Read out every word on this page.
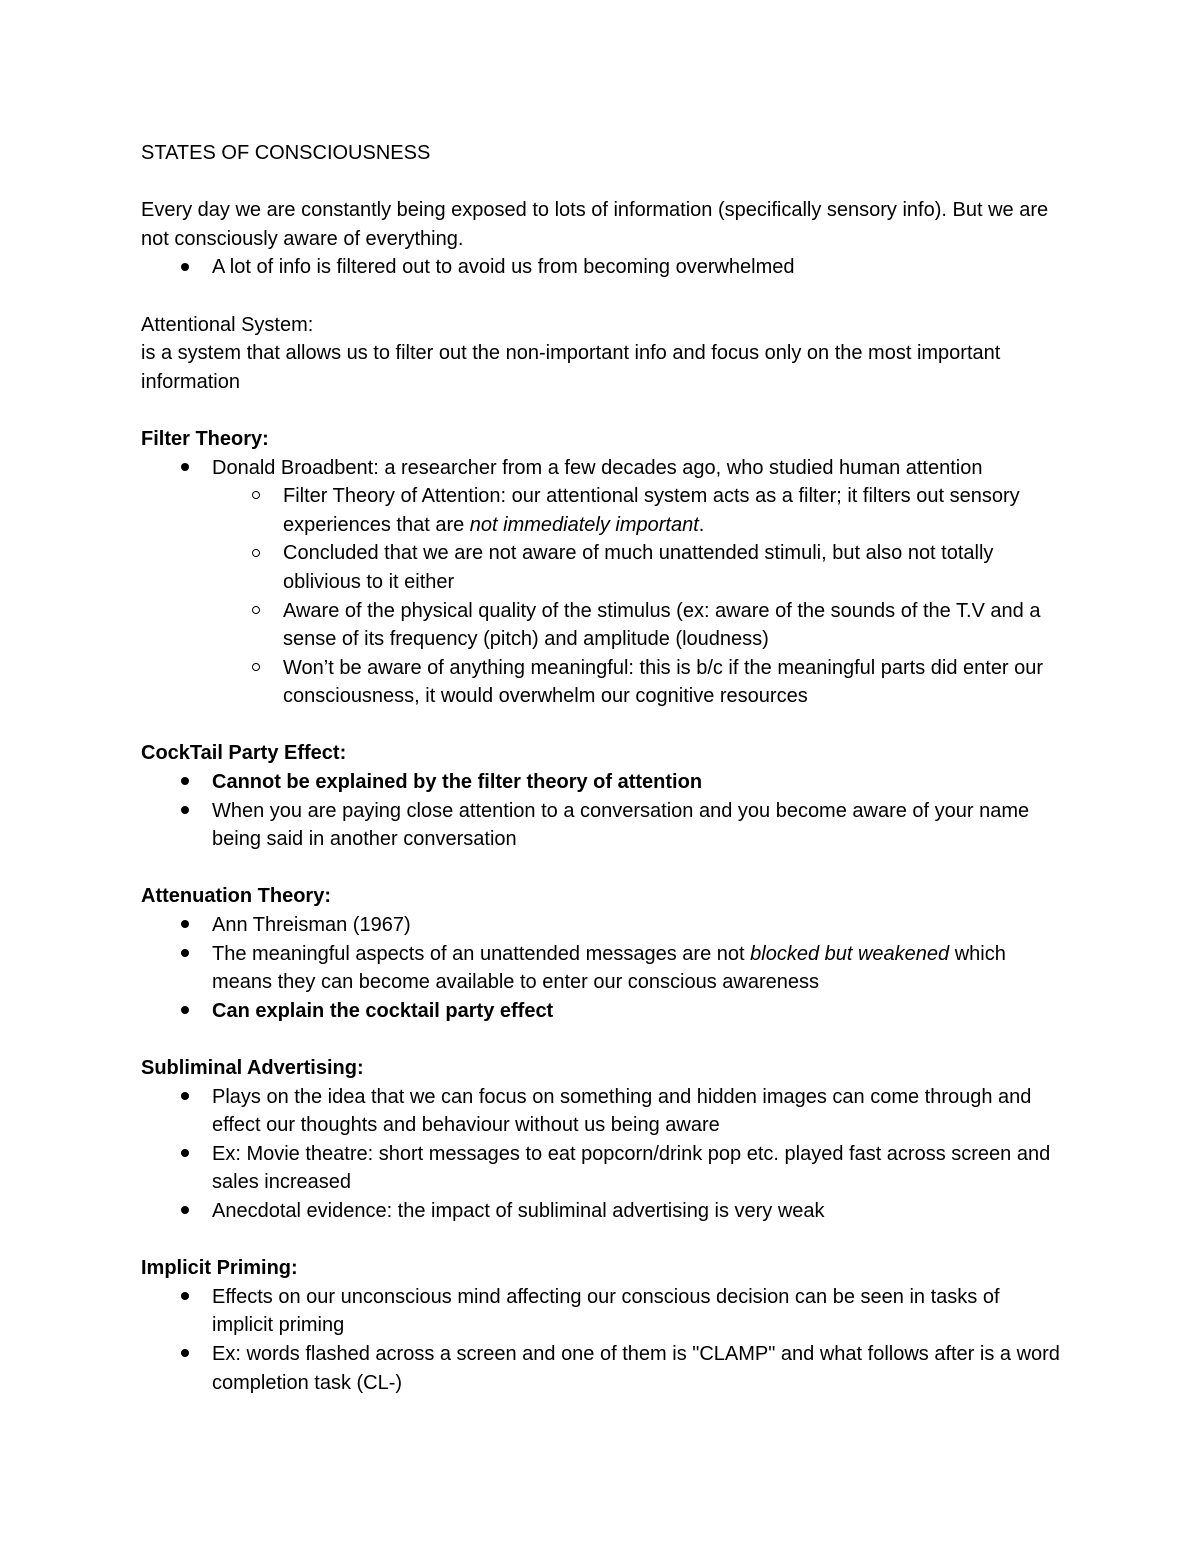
STATES OF CONSCIOUSNESS

Every day we are constantly being exposed to lots of information (specifically sensory info). But we are not consciously aware of everything.

A lot of info is filtered out to avoid us from becoming overwhelmed

Attentional System:

is a system that allows us to filter out the non-important info and focus only on the most important information

Filter Theory:

Donald Broadbent: a researcher from a few decades ago, who studied human attention
Filter Theory of Attention: our attentional system acts as a filter; it filters out sensory experiences that are not immediately important.
Concluded that we are not aware of much unattended stimuli, but also not totally oblivious to it either
Aware of the physical quality of the stimulus (ex: aware of the sounds of the T.V and a sense of its frequency (pitch) and amplitude (loudness)
Won’t be aware of anything meaningful: this is b/c if the meaningful parts did enter our consciousness, it would overwhelm our cognitive resources

CockTail Party Effect:

Cannot be explained by the filter theory of attention
When you are paying close attention to a conversation and you become aware of your name being said in another conversation

Attenuation Theory:

Ann Threisman (1967)
The meaningful aspects of an unattended messages are not blocked but weakened which means they can become available to enter our conscious awareness
Can explain the cocktail party effect

Subliminal Advertising:

Plays on the idea that we can focus on something and hidden images can come through and effect our thoughts and behaviour without us being aware
Ex: Movie theatre: short messages to eat popcorn/drink pop etc. played fast across screen and sales increased
Anecdotal evidence: the impact of subliminal advertising is very weak

Implicit Priming:

Effects on our unconscious mind affecting our conscious decision can be seen in tasks of implicit priming
Ex: words flashed across a screen and one of them is "CLAMP" and what follows after is a word completion task (CL-)
